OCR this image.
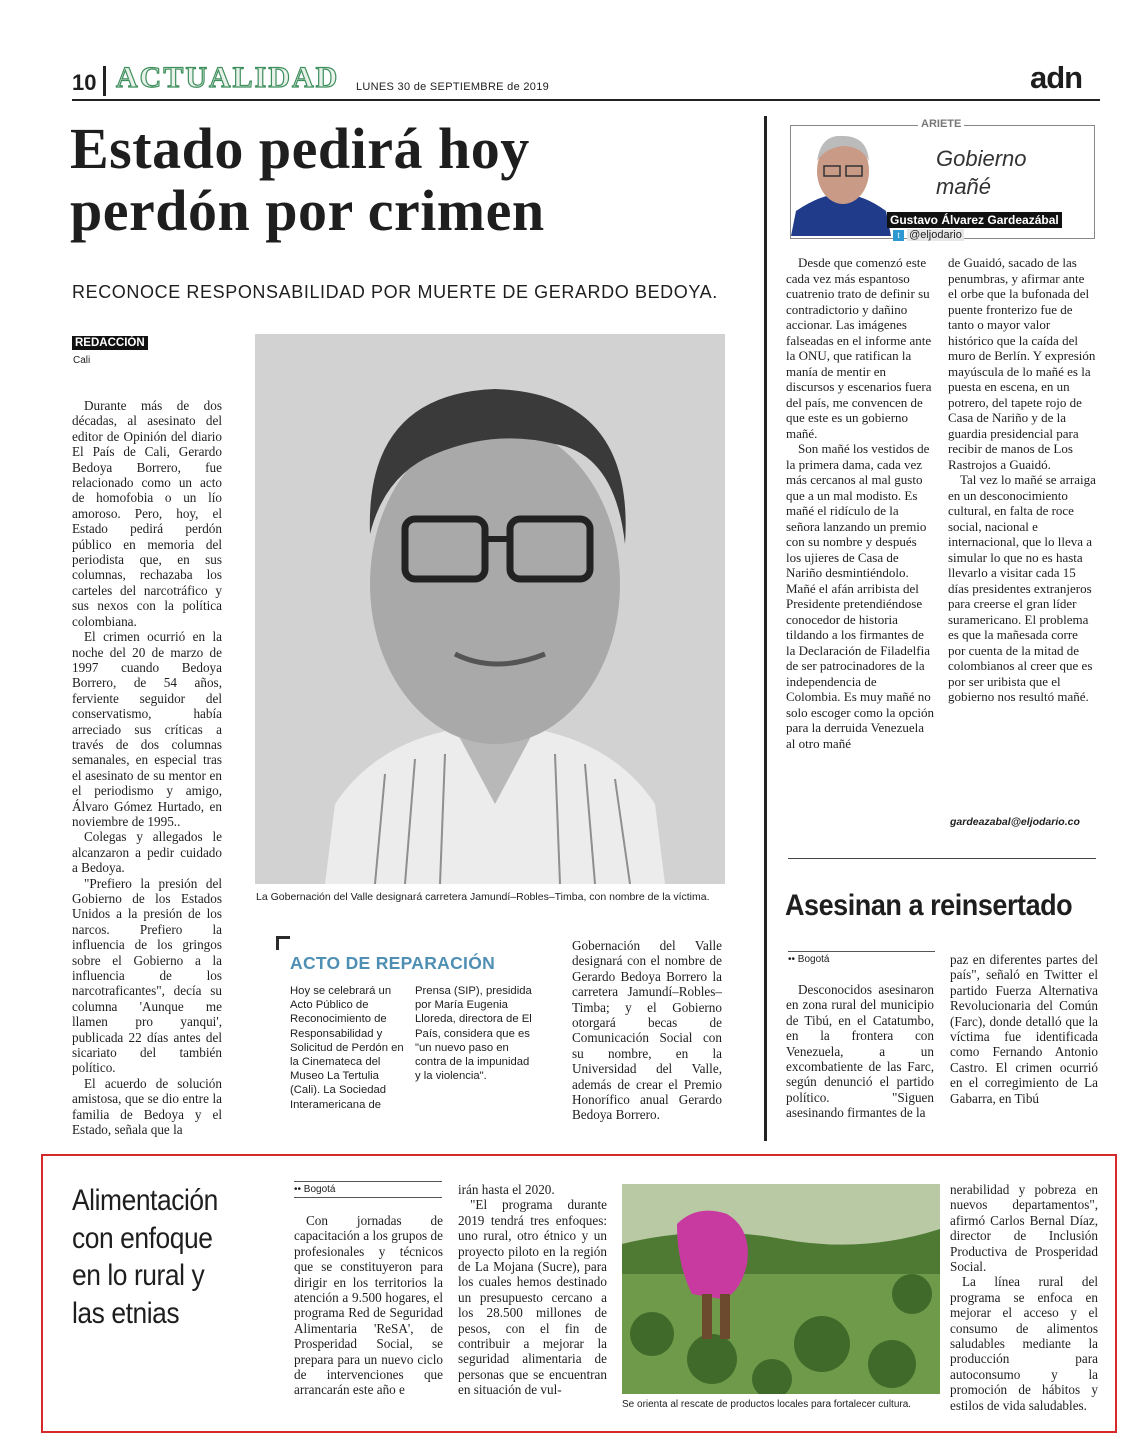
10 ACTUALIDAD LUNES 30 de SEPTIEMBRE de 2019	adn
Estado pedirá hoy
perdón por crimen
RECONOCE RESPONSABILIDAD POR MUERTE DE GERARDO BEDOYA.
REDACCIÓN
Cali

Durante más de dos décadas, al asesinato del editor de Opinión del diario El País de Cali, Gerardo Bedoya Borrero, fue relacionado como un acto de homofobia o un lío amoroso. Pero, hoy, el Estado pedirá perdón público en memoria del periodista que, en sus columnas, rechazaba los carteles del narcotráfico y sus nexos con la política colombiana.

El crimen ocurrió en la noche del 20 de marzo de 1997 cuando Bedoya Borrero, de 54 años, ferviente seguidor del conservatismo, había arreciado sus críticas a través de dos columnas semanales, en especial tras el asesinato de su mentor en el periodismo y amigo, Álvaro Gómez Hurtado, en noviembre de 1995..

Colegas y allegados le alcanzaron a pedir cuidado a Bedoya.

"Prefiero la presión del Gobierno de los Estados Unidos a la presión de los narcos. Prefiero la influencia de los gringos sobre el Gobierno a la influencia de los narcotraficantes", decía su columna 'Aunque me llamen pro yanqui', publicada 22 días antes del sicariato del también político.

El acuerdo de solución amistosa, que se dio entre la familia de Bedoya y el Estado, señala que la

La Gobernación del Valle designará carretera Jamundí–Robles–Timba, con nombre de la víctima.
ACTO DE REPARACIÓN
Hoy se celebrará un Acto Público de Reconocimiento de Responsabilidad y Solicitud de Perdón en la Cinemateca del Museo La Tertulia (Cali). La Sociedad Interamericana de
Prensa (SIP), presidida por María Eugenia Lloreda, directora de El País, considera que es "un nuevo paso en contra de la impunidad y la violencia".

Gobernación del Valle designará con el nombre de Gerardo Bedoya Borrero la carretera Jamundí–Robles–Timba; y el Gobierno otorgará becas de Comunicación Social con su nombre, en la Universidad del Valle, además de crear el Premio Honorífico anual Gerardo Bedoya Borrero.

ARIETE
Gobierno
mañé
Gustavo Álvarez Gardeazábal
t @eljodario

Desde que comenzó este cada vez más espantoso cuatrenio trato de definir su contradictorio y dañino accionar. Las imágenes falseadas en el informe ante la ONU, que ratifican la manía de mentir en discursos y escenarios fuera del país, me convencen de que este es un gobierno mañé.

Son mañé los vestidos de la primera dama, cada vez más cercanos al mal gusto que a un mal modisto. Es mañé el ridículo de la señora lanzando un premio con su nombre y después los ujieres de Casa de Nariño desmintiéndolo. Mañé el afán arribista del Presidente pretendiéndose conocedor de historia tildando a los firmantes de la Declaración de Filadelfia de ser patrocinadores de la independencia de Colombia. Es muy mañé no solo escoger como la opción para la derruida Venezuela al otro mañé

de Guaidó, sacado de las penumbras, y afirmar ante el orbe que la bufonada del puente fronterizo fue de tanto o mayor valor histórico que la caída del muro de Berlín. Y expresión mayúscula de lo mañé es la puesta en escena, en un potrero, del tapete rojo de Casa de Nariño y de la guardia presidencial para recibir de manos de Los Rastrojos a Guaidó.

Tal vez lo mañé se arraiga en un desconocimiento cultural, en falta de roce social, nacional e internacional, que lo lleva a simular lo que no es hasta llevarlo a visitar cada 15 días presidentes extranjeros para creerse el gran líder suramericano. El problema es que la mañesada corre por cuenta de la mitad de colombianos al creer que es por ser uribista que el gobierno nos resultó mañé.

gardeazabal@eljodario.co
Asesinan a reinsertado
•• Bogotá

Desconocidos asesinaron en zona rural del municipio de Tibú, en el Catatumbo, en la frontera con Venezuela, a un excombatiente de las Farc, según denunció el partido político. "Siguen asesinando firmantes de la

paz en diferentes partes del país", señaló en Twitter el partido Fuerza Alternativa Revolucionaria del Común (Farc), donde detalló que la víctima fue identificada como Fernando Antonio Castro. El crimen ocurrió en el corregimiento de La Gabarra, en Tibú

Alimentación
con enfoque
en lo rural y
las etnias
•• Bogotá

Con jornadas de capacitación a los grupos de profesionales y técnicos que se constituyeron para dirigir en los territorios la atención a 9.500 hogares, el programa Red de Seguridad Alimentaria 'ReSA', de Prosperidad Social, se prepara para un nuevo ciclo de intervenciones que arrancarán este año e

irán hasta el 2020.

"El programa durante 2019 tendrá tres enfoques: uno rural, otro étnico y un proyecto piloto en la región de La Mojana (Sucre), para los cuales hemos destinado un presupuesto cercano a los 28.500 millones de pesos, con el fin de contribuir a mejorar la seguridad alimentaria de personas que se encuentran en situación de vul-

Se orienta al rescate de productos locales para fortalecer cultura.

nerabilidad y pobreza en nuevos departamentos", afirmó Carlos Bernal Díaz, director de Inclusión Productiva de Prosperidad Social.

La línea rural del programa se enfoca en mejorar el acceso y el consumo de alimentos saludables mediante la producción para autoconsumo y la promoción de hábitos y estilos de vida saludables.
